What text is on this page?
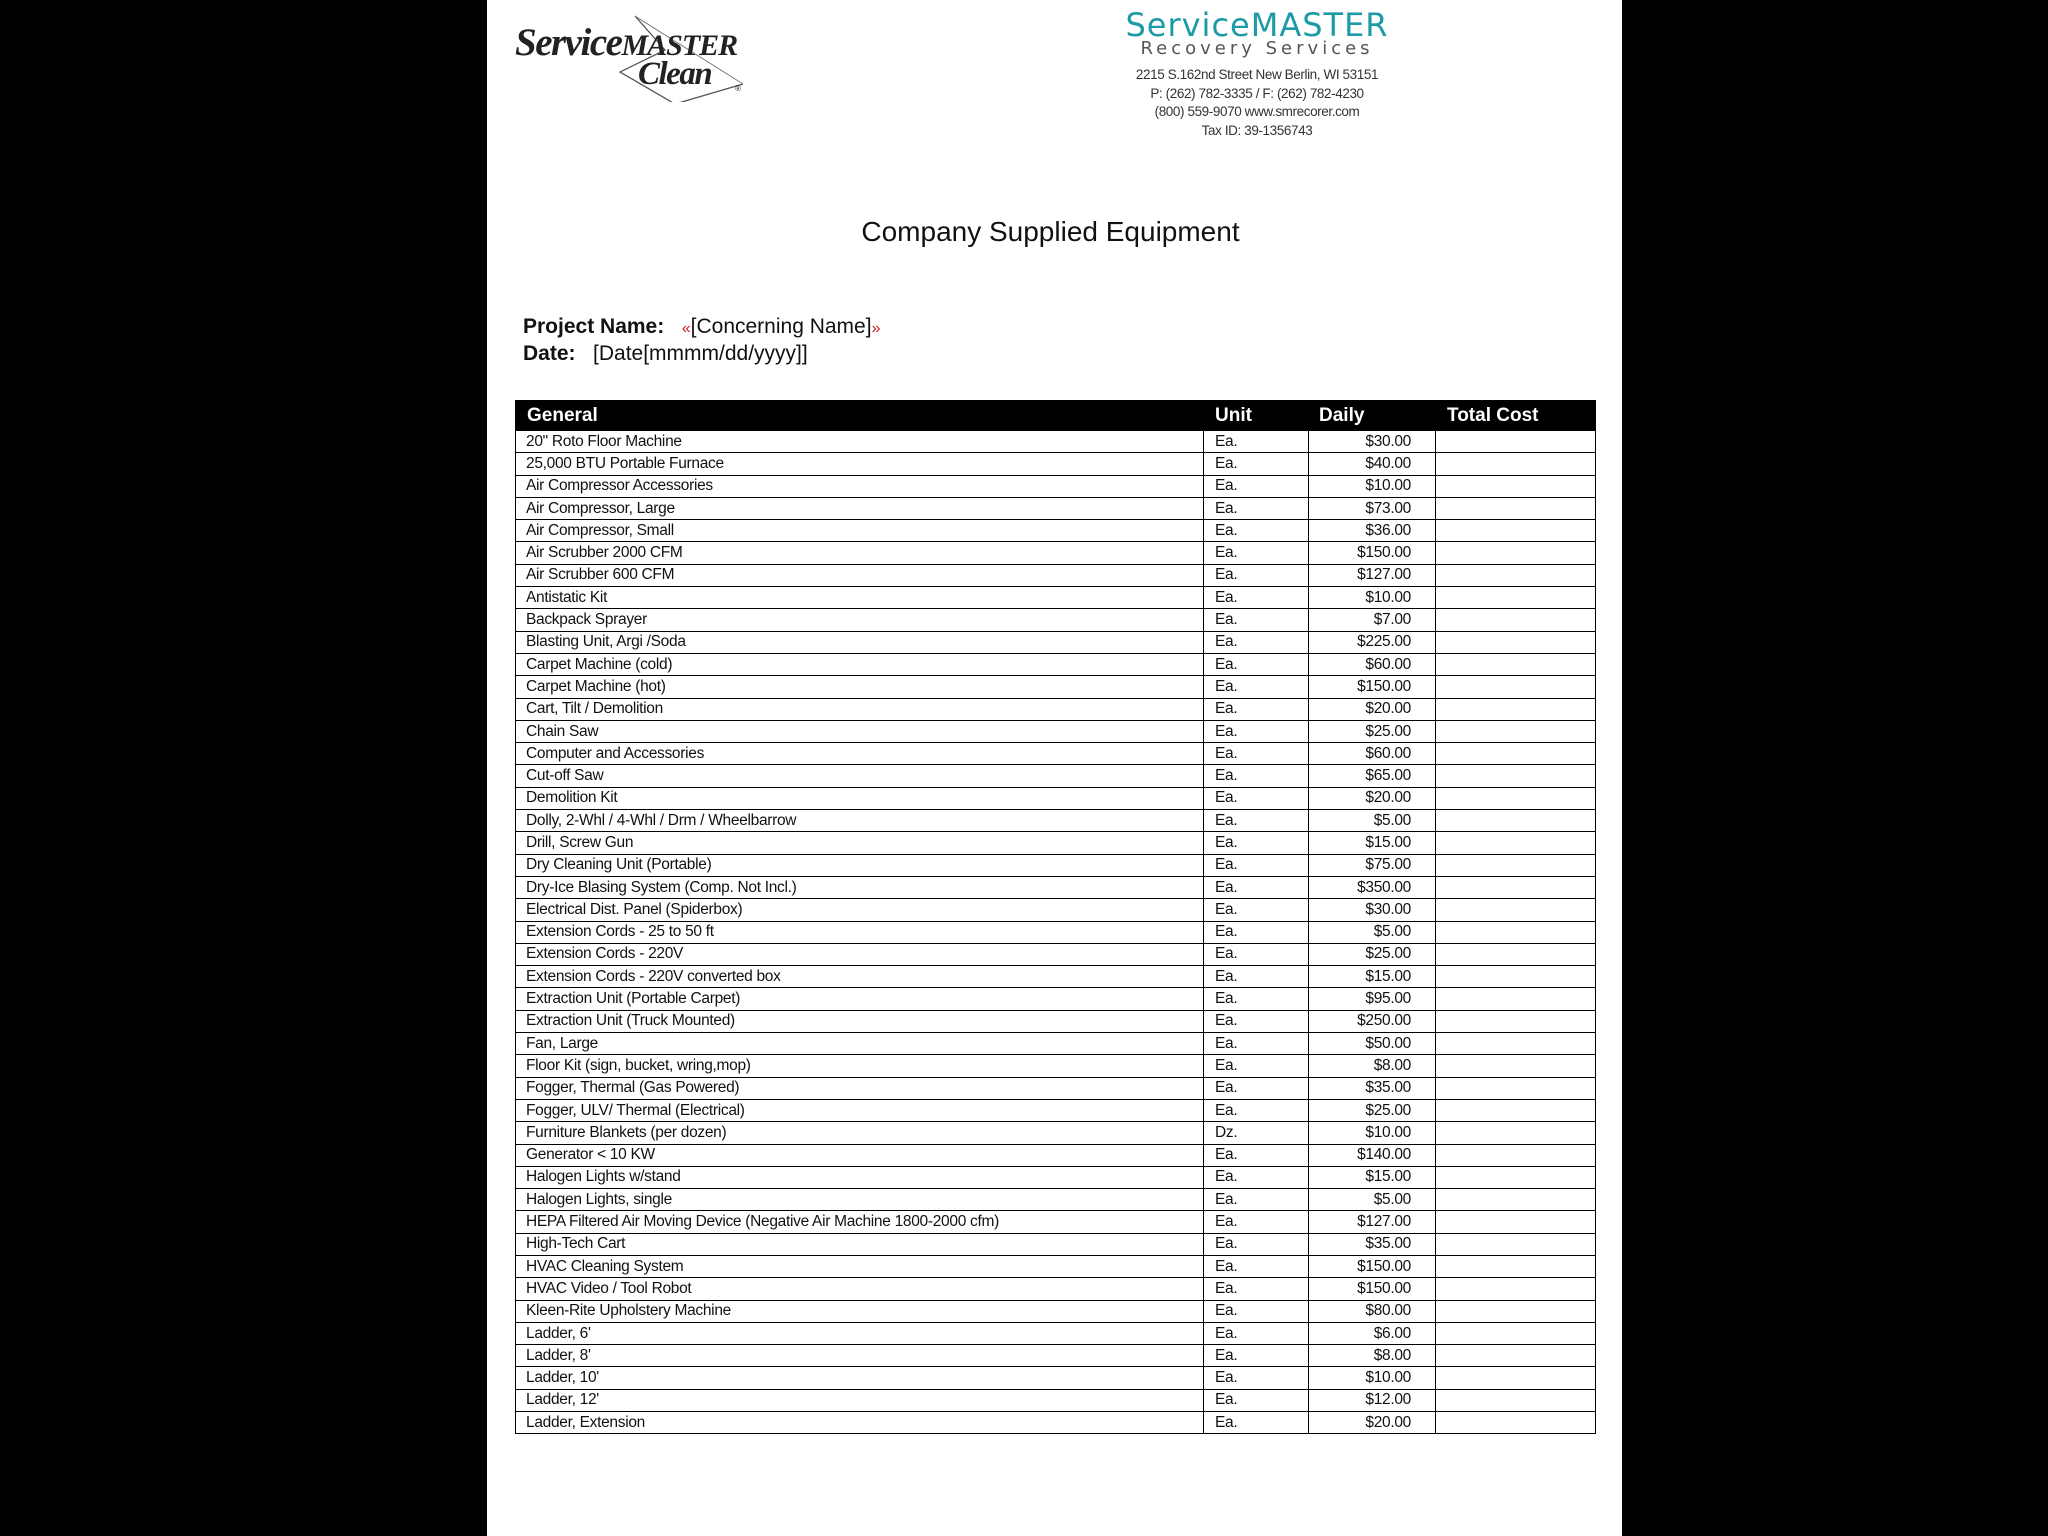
ServiceMASTER
Clean	®
ServiceMASTER
Recovery Services
2215 S.162nd Street New Berlin, WI 53151
P: (262) 782-3335 / F: (262) 782-4230
(800) 559-9070 www.smrecorer.com
Tax ID: 39-1356743
Company Supplied Equipment
Project Name: «[Concerning Name]»
Date: [Date[mmmm/dd/yyyy]]
General	Unit	Daily	Total Cost
20" Roto Floor Machine	Ea.	$30.00	
25,000 BTU Portable Furnace	Ea.	$40.00	
Air Compressor Accessories	Ea.	$10.00	
Air Compressor, Large	Ea.	$73.00	
Air Compressor, Small	Ea.	$36.00	
Air Scrubber 2000 CFM	Ea.	$150.00	
Air Scrubber 600 CFM	Ea.	$127.00	
Antistatic Kit	Ea.	$10.00	
Backpack Sprayer	Ea.	$7.00	
Blasting Unit, Argi /Soda	Ea.	$225.00	
Carpet Machine (cold)	Ea.	$60.00	
Carpet Machine (hot)	Ea.	$150.00	
Cart, Tilt / Demolition	Ea.	$20.00	
Chain Saw	Ea.	$25.00	
Computer and Accessories	Ea.	$60.00	
Cut-off Saw	Ea.	$65.00	
Demolition Kit	Ea.	$20.00	
Dolly, 2-Whl / 4-Whl / Drm / Wheelbarrow	Ea.	$5.00	
Drill, Screw Gun	Ea.	$15.00	
Dry Cleaning Unit (Portable)	Ea.	$75.00	
Dry-Ice Blasing System (Comp. Not Incl.)	Ea.	$350.00	
Electrical Dist. Panel (Spiderbox)	Ea.	$30.00	
Extension Cords - 25 to 50 ft	Ea.	$5.00	
Extension Cords - 220V	Ea.	$25.00	
Extension Cords - 220V converted box	Ea.	$15.00	
Extraction Unit (Portable Carpet)	Ea.	$95.00	
Extraction Unit (Truck Mounted)	Ea.	$250.00	
Fan, Large	Ea.	$50.00	
Floor Kit (sign, bucket, wring,mop)	Ea.	$8.00	
Fogger, Thermal (Gas Powered)	Ea.	$35.00	
Fogger, ULV/ Thermal (Electrical)	Ea.	$25.00	
Furniture Blankets (per dozen)	Dz.	$10.00	
Generator < 10 KW	Ea.	$140.00	
Halogen Lights w/stand	Ea.	$15.00	
Halogen Lights, single	Ea.	$5.00	
HEPA Filtered Air Moving Device (Negative Air Machine 1800-2000 cfm)	Ea.	$127.00	
High-Tech Cart	Ea.	$35.00	
HVAC Cleaning System	Ea.	$150.00	
HVAC Video / Tool Robot	Ea.	$150.00	
Kleen-Rite Upholstery Machine	Ea.	$80.00	
Ladder, 6'	Ea.	$6.00	
Ladder, 8'	Ea.	$8.00	
Ladder, 10'	Ea.	$10.00	
Ladder, 12'	Ea.	$12.00	
Ladder, Extension	Ea.	$20.00	
